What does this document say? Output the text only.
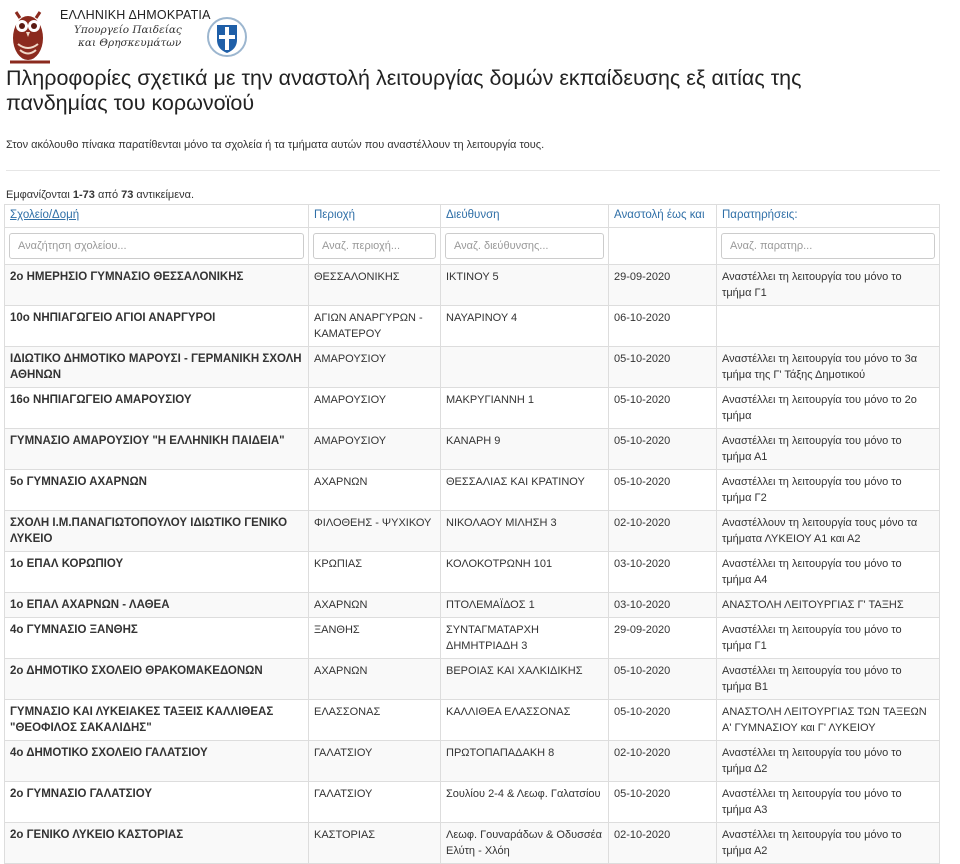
ΕΛΛΗΝΙΚΗ ΔΗΜΟΚΡΑΤΙΑ
Υπουργείο Παιδείας
και Θρησκευμάτων
Πληροφορίες σχετικά με την αναστολή λειτουργίας δομών εκπαίδευσης εξ αιτίας της πανδημίας του κορωνοϊού
Στον ακόλουθο πίνακα παρατίθενται μόνο τα σχολεία ή τα τμήματα αυτών που αναστέλλουν τη λειτουργία τους.
Εμφανίζονται 1-73 από 73 αντικείμενα.
Σχολείο/Δομή	Περιοχή	Διεύθυνση	Αναστολή έως και	Παρατηρήσεις:
Αναζήτηση σχολείου...	Αναζ. περιοχή...	Αναζ. διεύθυνσης...		Αναζ. παρατηρ...
2ο ΗΜΕΡΗΣΙΟ ΓΥΜΝΑΣΙΟ ΘΕΣΣΑΛΟΝΙΚΗΣ	ΘΕΣΣΑΛΟΝΙΚΗΣ	ΙΚΤΙΝΟΥ 5	29-09-2020	Αναστέλλει τη λειτουργία του μόνο το τμήμα Γ1
10ο ΝΗΠΙΑΓΩΓΕΙΟ ΑΓΙΟΙ ΑΝΑΡΓΥΡΟΙ	ΑΓΙΩΝ ΑΝΑΡΓΥΡΩΝ - ΚΑΜΑΤΕΡΟΥ	ΝΑΥΑΡΙΝΟΥ 4	06-10-2020	
ΙΔΙΩΤΙΚΟ ΔΗΜΟΤΙΚΟ ΜΑΡΟΥΣΙ - ΓΕΡΜΑΝΙΚΗ ΣΧΟΛΗ ΑΘΗΝΩΝ	ΑΜΑΡΟΥΣΙΟΥ		05-10-2020	Αναστέλλει τη λειτουργία του μόνο το 3α τμήμα της Γ' Τάξης Δημοτικού
16ο ΝΗΠΙΑΓΩΓΕΙΟ ΑΜΑΡΟΥΣΙΟΥ	ΑΜΑΡΟΥΣΙΟΥ	ΜΑΚΡΥΓΙΑΝΝΗ 1	05-10-2020	Αναστέλλει τη λειτουργία του μόνο το 2ο τμήμα
ΓΥΜΝΑΣΙΟ ΑΜΑΡΟΥΣΙΟΥ "Η ΕΛΛΗΝΙΚΗ ΠΑΙΔΕΙΑ"	ΑΜΑΡΟΥΣΙΟΥ	ΚΑΝΑΡΗ 9	05-10-2020	Αναστέλλει τη λειτουργία του μόνο το τμήμα Α1
5ο ΓΥΜΝΑΣΙΟ ΑΧΑΡΝΩΝ	ΑΧΑΡΝΩΝ	ΘΕΣΣΑΛΙΑΣ ΚΑΙ ΚΡΑΤΙΝΟΥ	05-10-2020	Αναστέλλει τη λειτουργία του μόνο το τμήμα Γ2
ΣΧΟΛΗ Ι.Μ.ΠΑΝΑΓΙΩΤΟΠΟΥΛΟΥ ΙΔΙΩΤΙΚΟ ΓΕΝΙΚΟ ΛΥΚΕΙΟ	ΦΙΛΟΘΕΗΣ - ΨΥΧΙΚΟΥ	ΝΙΚΟΛΑΟΥ ΜΙΛΗΣΗ 3	02-10-2020	Αναστέλλουν τη λειτουργία τους μόνο τα τμήματα ΛΥΚΕΙΟΥ Α1 και Α2
1ο ΕΠΑΛ ΚΟΡΩΠΙΟΥ	ΚΡΩΠΙΑΣ	ΚΟΛΟΚΟΤΡΩΝΗ 101	03-10-2020	Αναστέλλει τη λειτουργία του μόνο το τμήμα Α4
1ο ΕΠΑΛ ΑΧΑΡΝΩΝ - ΛΑΘΕΑ	ΑΧΑΡΝΩΝ	ΠΤΟΛΕΜΑΪΔΟΣ 1	03-10-2020	ΑΝΑΣΤΟΛΗ ΛΕΙΤΟΥΡΓΙΑΣ Γ' ΤΑΞΗΣ
4ο ΓΥΜΝΑΣΙΟ ΞΑΝΘΗΣ	ΞΑΝΘΗΣ	ΣΥΝΤΑΓΜΑΤΑΡΧΗ ΔΗΜΗΤΡΙΑΔΗ 3	29-09-2020	Αναστέλλει τη λειτουργία του μόνο το τμήμα Γ1
2ο ΔΗΜΟΤΙΚΟ ΣΧΟΛΕΙΟ ΘΡΑΚΟΜΑΚΕΔΟΝΩΝ	ΑΧΑΡΝΩΝ	ΒΕΡΟΙΑΣ ΚΑΙ ΧΑΛΚΙΔΙΚΗΣ	05-10-2020	Αναστέλλει τη λειτουργία του μόνο το τμήμα Β1
ΓΥΜΝΑΣΙΟ ΚΑΙ ΛΥΚΕΙΑΚΕΣ ΤΑΞΕΙΣ ΚΑΛΛΙΘΕΑΣ "ΘΕΟΦΙΛΟΣ ΣΑΚΑΛΙΔΗΣ"	ΕΛΑΣΣΟΝΑΣ	ΚΑΛΛΙΘΕΑ ΕΛΑΣΣΟΝΑΣ	05-10-2020	ΑΝΑΣΤΟΛΗ ΛΕΙΤΟΥΡΓΙΑΣ ΤΩΝ ΤΑΞΕΩΝ Α' ΓΥΜΝΑΣΙΟΥ και Γ' ΛΥΚΕΙΟΥ
4ο ΔΗΜΟΤΙΚΟ ΣΧΟΛΕΙΟ ΓΑΛΑΤΣΙΟΥ	ΓΑΛΑΤΣΙΟΥ	ΠΡΩΤΟΠΑΠΑΔΑΚΗ 8	02-10-2020	Αναστέλλει τη λειτουργία του μόνο το τμήμα Δ2
2ο ΓΥΜΝΑΣΙΟ ΓΑΛΑΤΣΙΟΥ	ΓΑΛΑΤΣΙΟΥ	Σουλίου 2-4 & Λεωφ. Γαλατσίου	05-10-2020	Αναστέλλει τη λειτουργία του μόνο το τμήμα Α3
2ο ΓΕΝΙΚΟ ΛΥΚΕΙΟ ΚΑΣΤΟΡΙΑΣ	ΚΑΣΤΟΡΙΑΣ	Λεωφ. Γουναράδων & Οδυσσέα Ελύτη - Χλόη	02-10-2020	Αναστέλλει τη λειτουργία του μόνο το τμήμα Α2
